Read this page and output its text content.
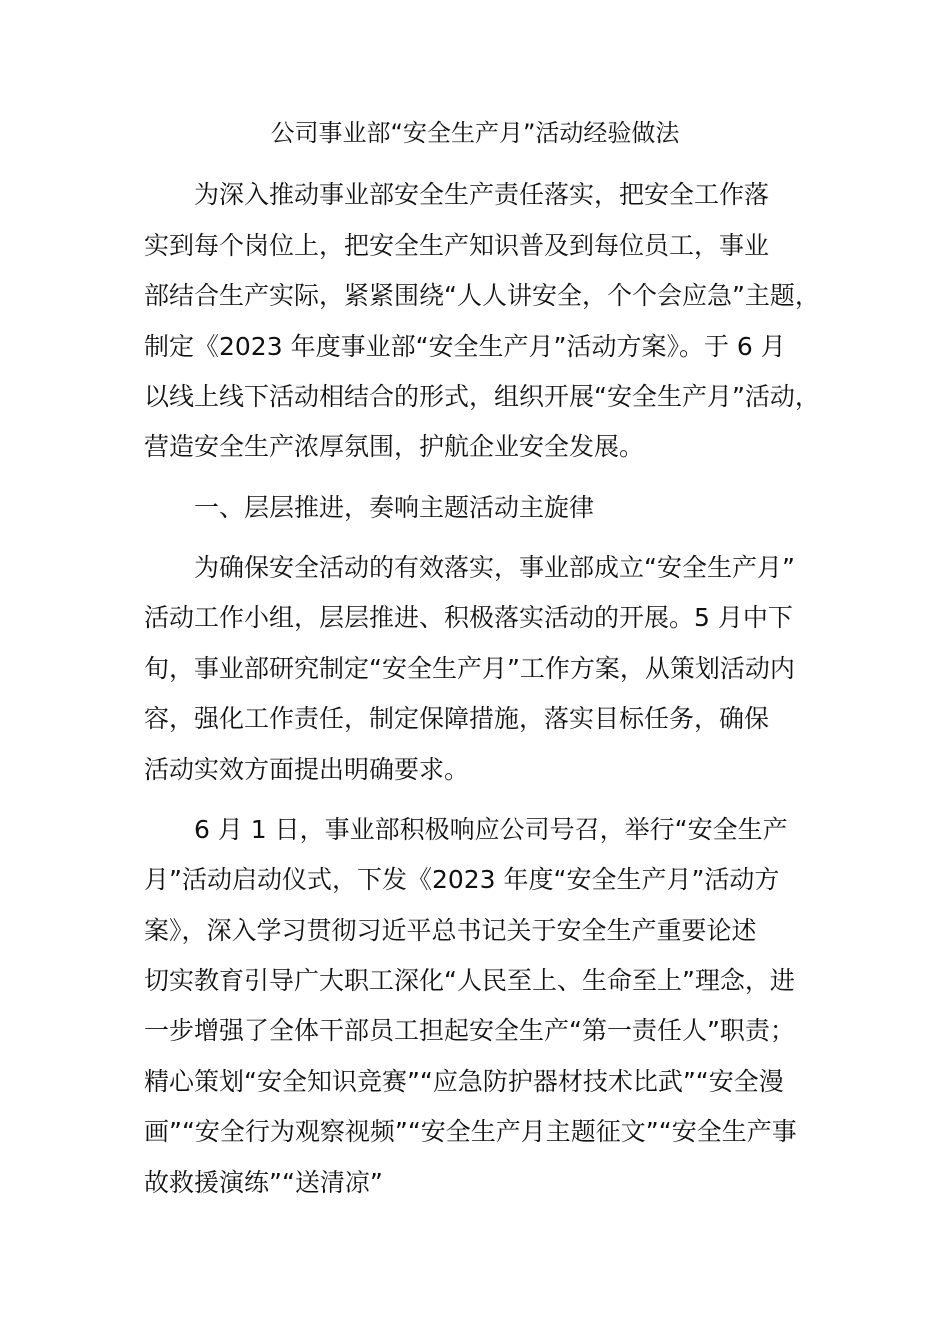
公司事业部“安全生产月”活动经验做法
为深入推动事业部安全生产责任落实，把安全工作落
实到每个岗位上，把安全生产知识普及到每位员工，事业
部结合生产实际，紧紧围绕“人人讲安全，个个会应急”主题，
制定《2023 年度事业部“安全生产月”活动方案》。于 6 月
以线上线下活动相结合的形式，组织开展“安全生产月”活动，
营造安全生产浓厚氛围，护航企业安全发展。
一、层层推进，奏响主题活动主旋律
为确保安全活动的有效落实，事业部成立“安全生产月”
活动工作小组，层层推进、积极落实活动的开展。5 月中下
旬，事业部研究制定“安全生产月”工作方案，从策划活动内
容，强化工作责任，制定保障措施，落实目标任务，确保
活动实效方面提出明确要求。
6 月 1 日，事业部积极响应公司号召，举行“安全生产
月”活动启动仪式，下发《2023 年度“安全生产月”活动方
案》，深入学习贯彻习近平总书记关于安全生产重要论述
切实教育引导广大职工深化“人民至上、生命至上”理念，进
一步增强了全体干部员工担起安全生产“第一责任人”职责；
精心策划“安全知识竞赛”“应急防护器材技术比武”“安全漫
画”“安全行为观察视频”“安全生产月主题征文”“安全生产事
故救援演练”“送清凉”
